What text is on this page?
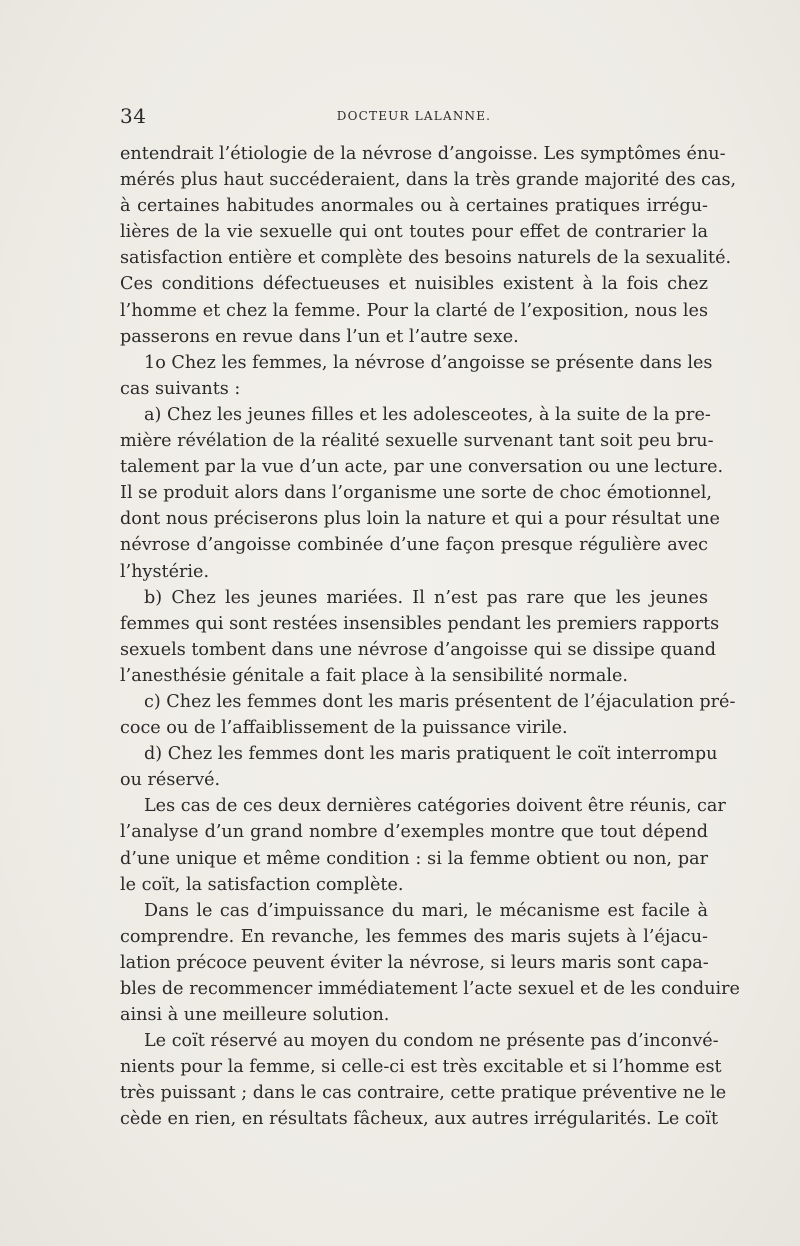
34	DOCTEUR LALANNE.
entendrait l’étiologie de la névrose d’angoisse. Les symptômes énu-
mérés plus haut succéderaient, dans la très grande majorité des cas,
à certaines habitudes anormales ou à certaines pratiques irrégu-
lières de la vie sexuelle qui ont toutes pour effet de contrarier la
satisfaction entière et complète des besoins naturels de la sexualité.
Ces conditions défectueuses et nuisibles existent à la fois chez
l’homme et chez la femme. Pour la clarté de l’exposition, nous les
passerons en revue dans l’un et l’autre sexe.
1o Chez les femmes, la névrose d’angoisse se présente dans les
cas suivants :
a) Chez les jeunes filles et les adolesceotes, à la suite de la pre-
mière révélation de la réalité sexuelle survenant tant soit peu bru-
talement par la vue d’un acte, par une conversation ou une lecture.
Il se produit alors dans l’organisme une sorte de choc émotionnel,
dont nous préciserons plus loin la nature et qui a pour résultat une
névrose d’angoisse combinée d’une façon presque régulière avec
l’hystérie.
b) Chez les jeunes mariées. Il n’est pas rare que les jeunes
femmes qui sont restées insensibles pendant les premiers rapports
sexuels tombent dans une névrose d’angoisse qui se dissipe quand
l’anesthésie génitale a fait place à la sensibilité normale.
c) Chez les femmes dont les maris présentent de l’éjaculation pré-
coce ou de l’affaiblissement de la puissance virile.
d) Chez les femmes dont les maris pratiquent le coït interrompu
ou réservé.
Les cas de ces deux dernières catégories doivent être réunis, car
l’analyse d’un grand nombre d’exemples montre que tout dépend
d’une unique et même condition : si la femme obtient ou non, par
le coït, la satisfaction complète.
Dans le cas d’impuissance du mari, le mécanisme est facile à
comprendre. En revanche, les femmes des maris sujets à l’éjacu-
lation précoce peuvent éviter la névrose, si leurs maris sont capa-
bles de recommencer immédiatement l’acte sexuel et de les conduire
ainsi à une meilleure solution.
Le coït réservé au moyen du condom ne présente pas d’inconvé-
nients pour la femme, si celle-ci est très excitable et si l’homme est
très puissant ; dans le cas contraire, cette pratique préventive ne le
cède en rien, en résultats fâcheux, aux autres irrégularités. Le coït
